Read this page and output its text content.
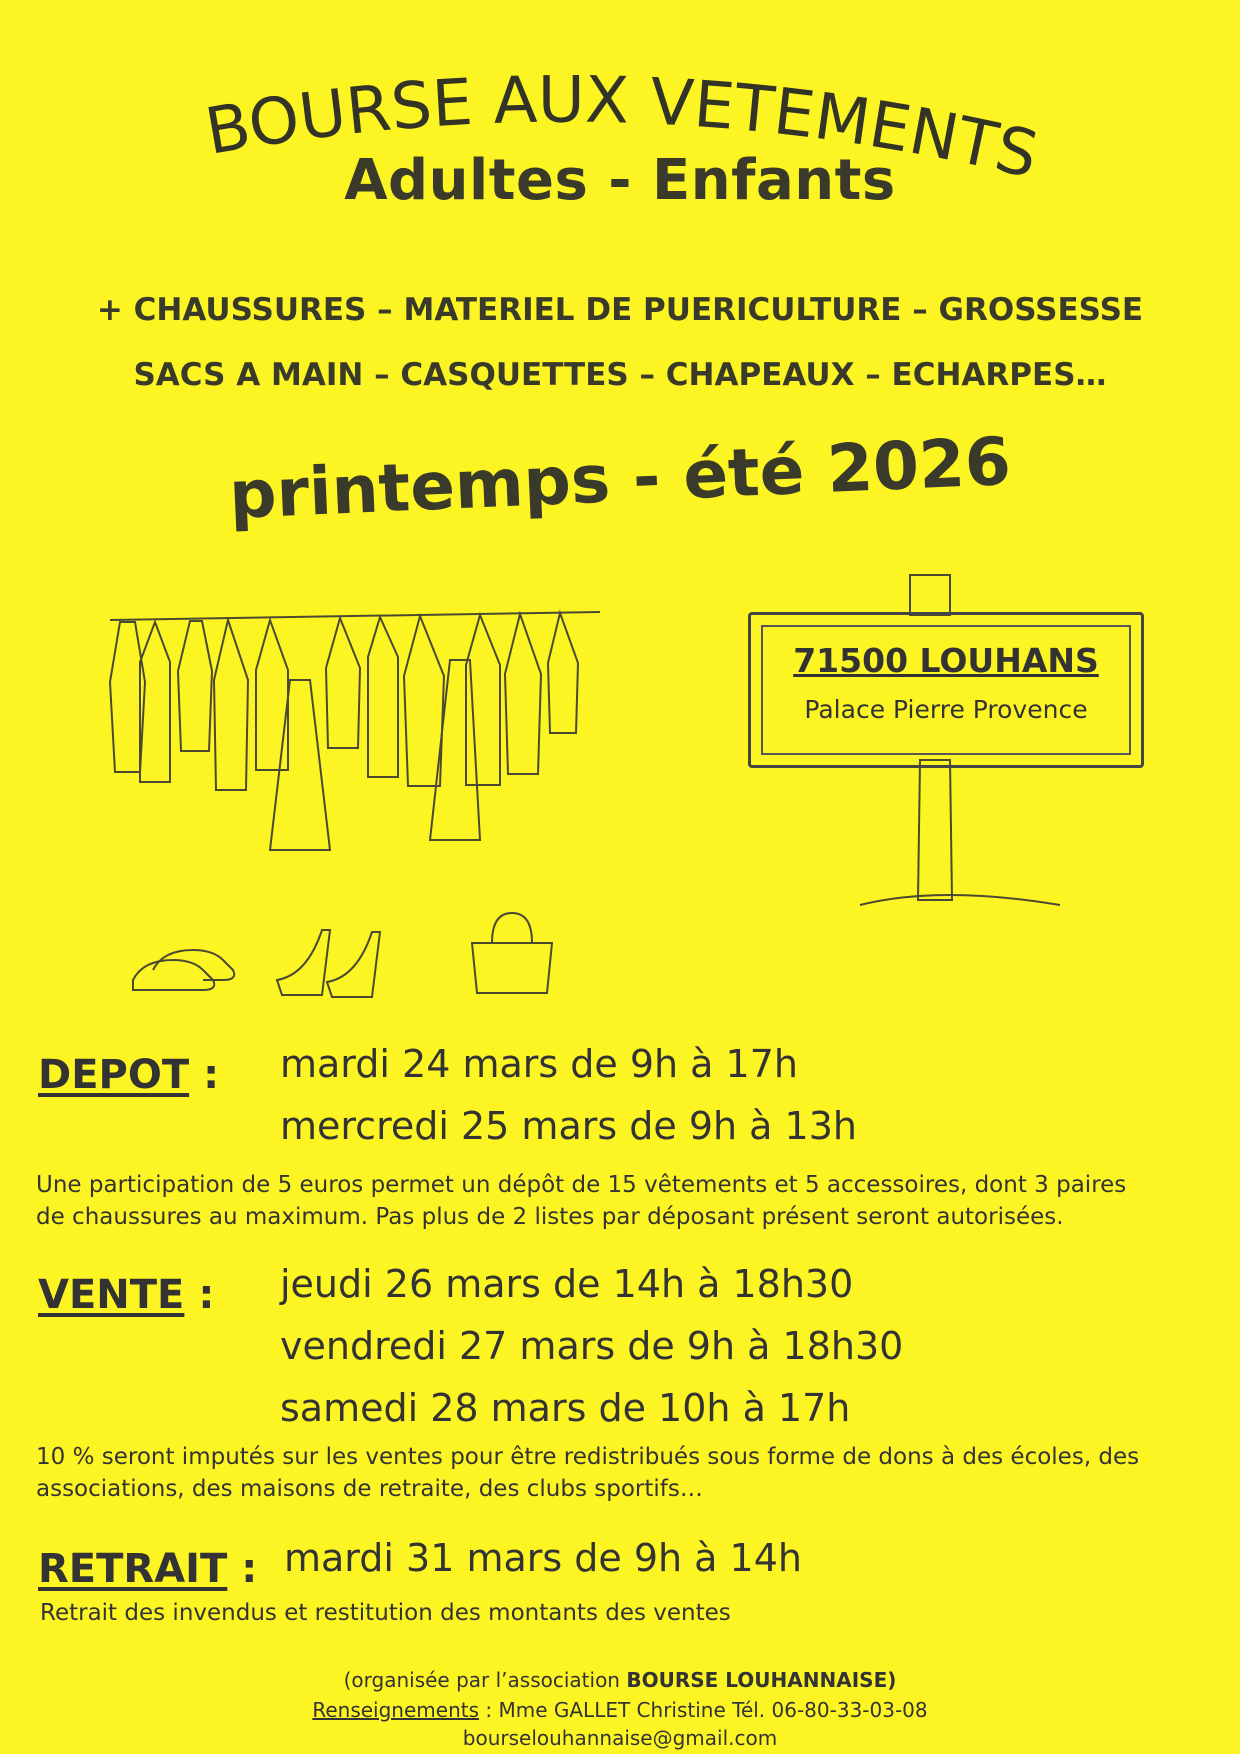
BOURSE AUX VETEMENTS
Adultes - Enfants
+ CHAUSSURES – MATERIEL DE PUERICULTURE – GROSSESSE
SACS A MAIN – CASQUETTES – CHAPEAUX – ECHARPES…
printemps - été 2026
71500 LOUHANS
Palace Pierre Provence
DEPOT : mardi 24 mars de 9h à 17h
mercredi 25 mars de 9h à 13h
Une participation de 5 euros permet un dépôt de 15 vêtements et 5 accessoires, dont 3 paires
de chaussures au maximum. Pas plus de 2 listes par déposant présent seront autorisées.
VENTE : jeudi 26 mars de 14h à 18h30
vendredi 27 mars de 9h à 18h30
samedi 28 mars de 10h à 17h
10 % seront imputés sur les ventes pour être redistribués sous forme de dons à des écoles, des
associations, des maisons de retraite, des clubs sportifs…
RETRAIT : mardi 31 mars de 9h à 14h
Retrait des invendus et restitution des montants des ventes
(organisée par l’association BOURSE LOUHANNAISE)
Renseignements : Mme GALLET Christine Tél. 06-80-33-03-08
bourselouhannaise@gmail.com
